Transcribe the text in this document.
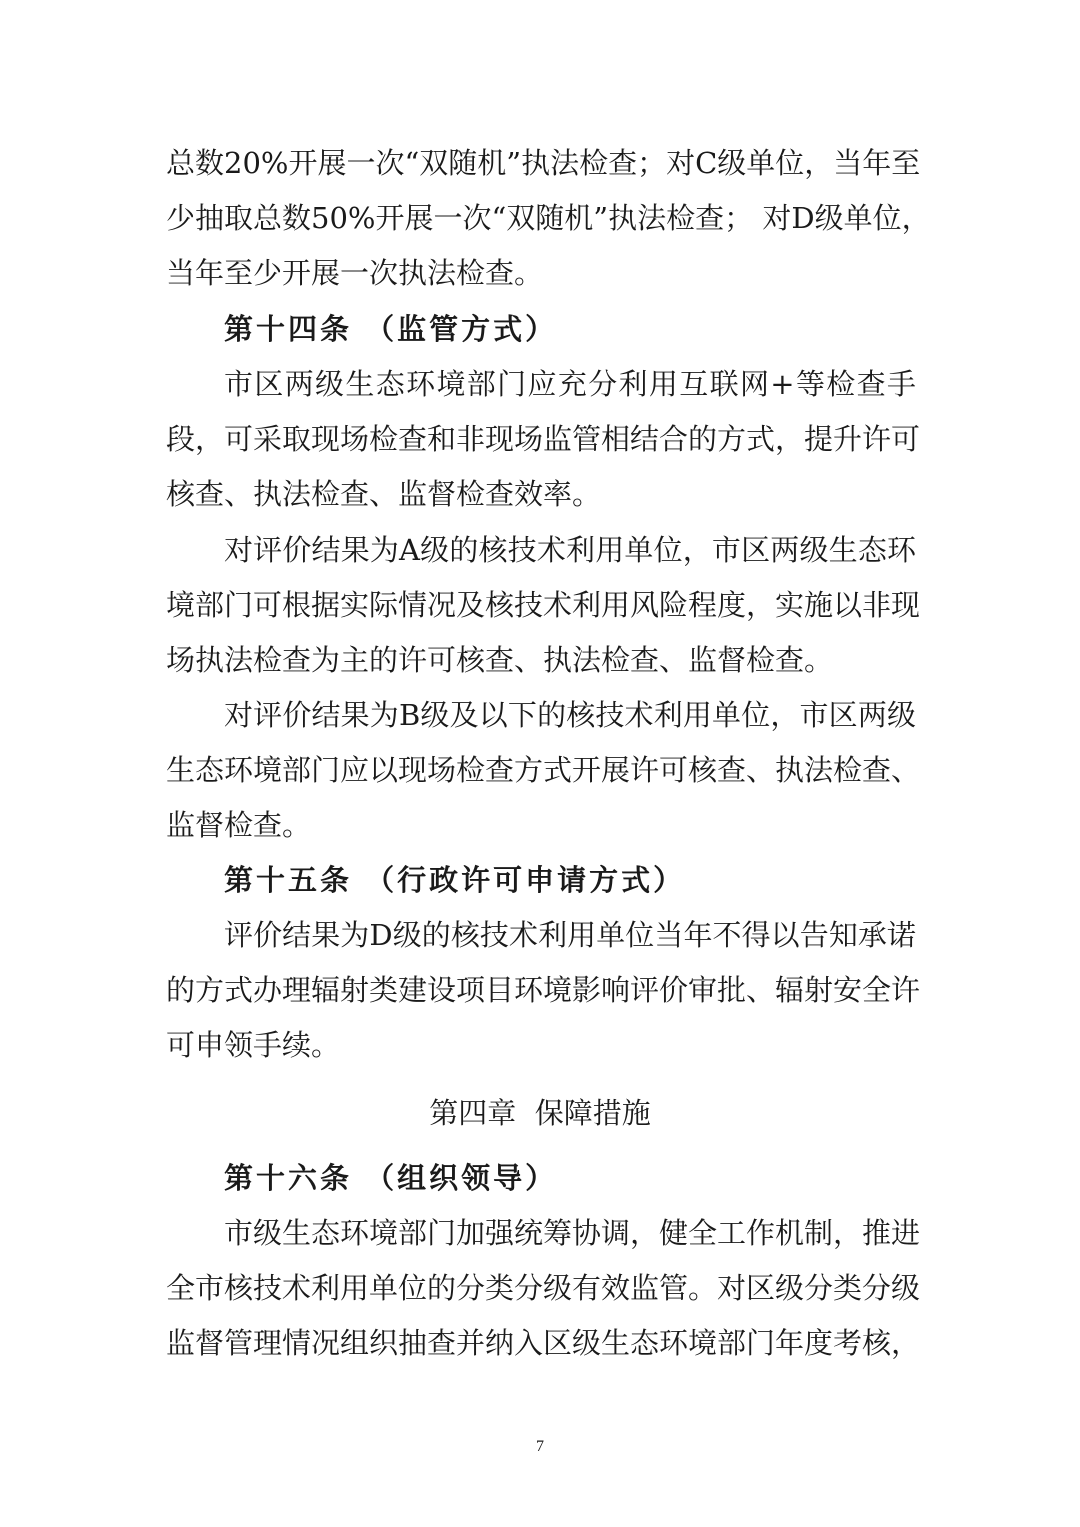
总数20%开展一次“双随机”执法检查；对C级单位，当年至
少抽取总数50%开展一次“双随机”执法检查； 对D级单位，
当年至少开展一次执法检查。
第十四条 （监管方式）
市区两级生态环境部门应充分利用互联网+等检查手
段，可采取现场检查和非现场监管相结合的方式，提升许可
核查、执法检查、监督检查效率。
对评价结果为A级的核技术利用单位，市区两级生态环
境部门可根据实际情况及核技术利用风险程度，实施以非现
场执法检查为主的许可核查、执法检查、监督检查。
对评价结果为B级及以下的核技术利用单位，市区两级
生态环境部门应以现场检查方式开展许可核查、执法检查、
监督检查。
第十五条 （行政许可申请方式）
评价结果为D级的核技术利用单位当年不得以告知承诺
的方式办理辐射类建设项目环境影响评价审批、辐射安全许
可申领手续。
第四章  保障措施
第十六条 （组织领导）
市级生态环境部门加强统筹协调，健全工作机制，推进
全市核技术利用单位的分类分级有效监管。对区级分类分级
监督管理情况组织抽查并纳入区级生态环境部门年度考核，
7
